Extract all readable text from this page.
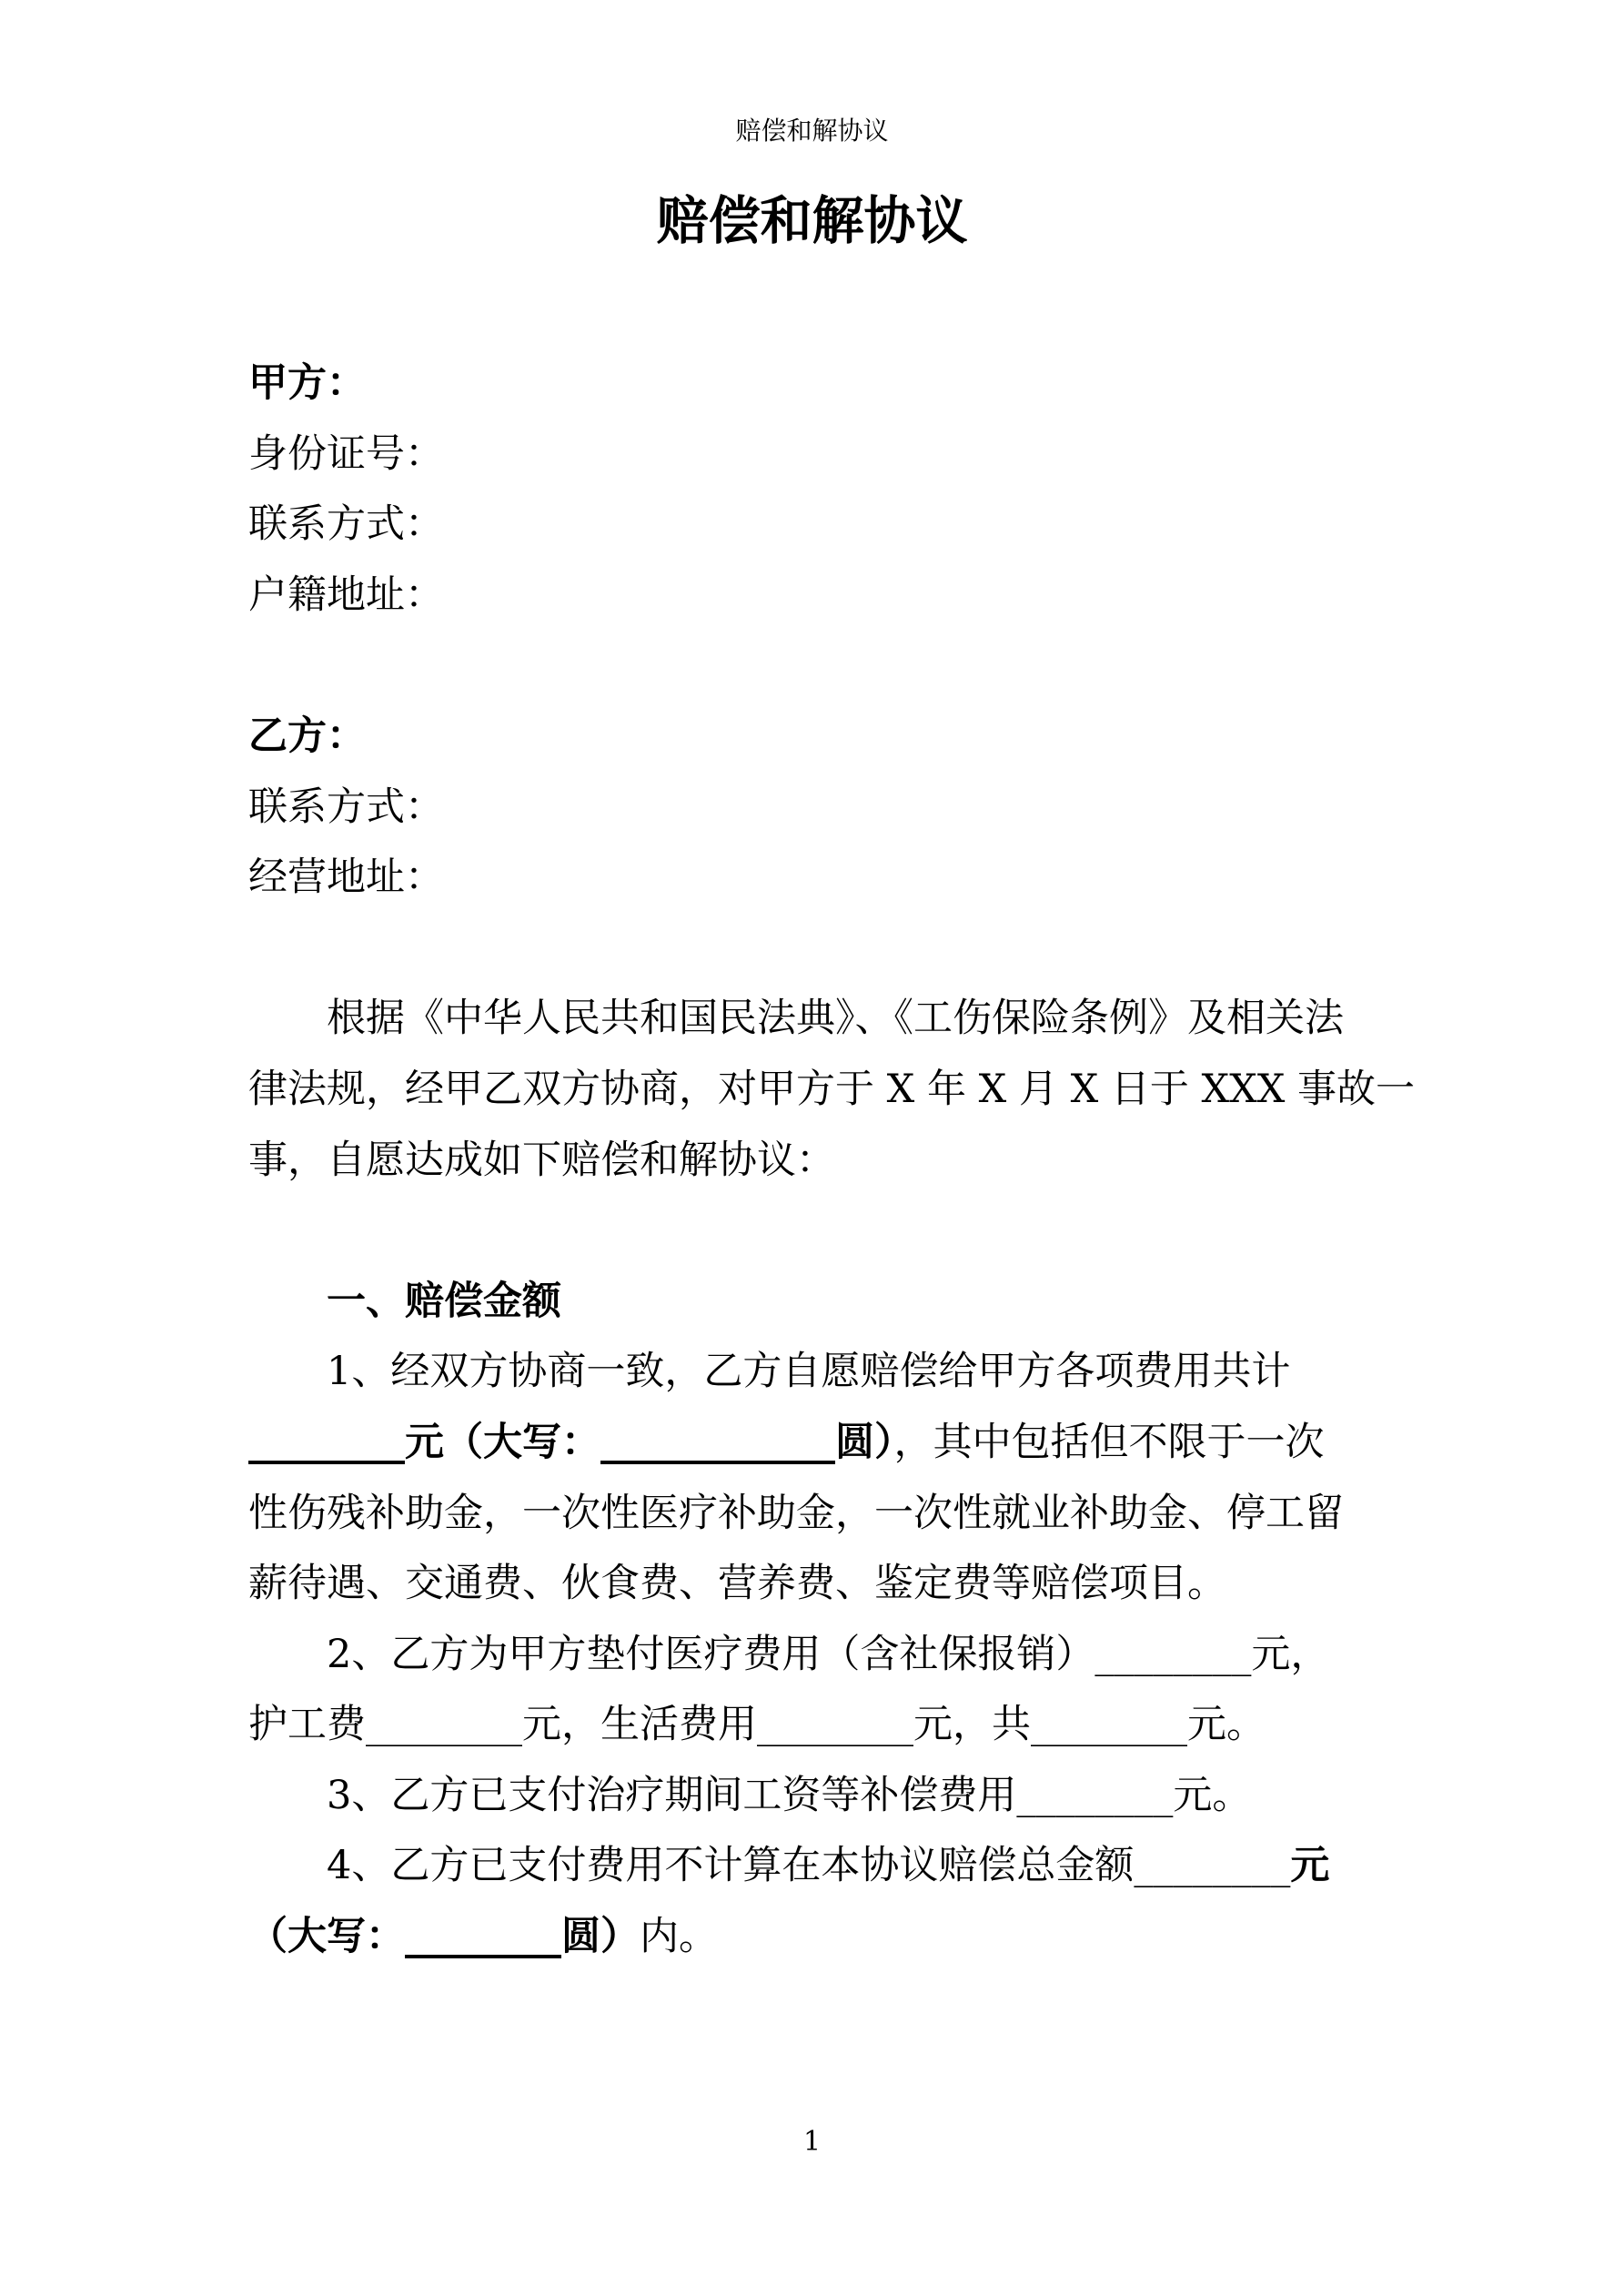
赔偿和解协议
赔偿和解协议
甲方：
身份证号：
联系方式：
户籍地址：
乙方：
联系方式：
经营地址：
根据《中华人民共和国民法典》、《工伤保险条例》及相关法
律法规，经甲乙双方协商，对甲方于 X 年 X 月 X 日于 XXX 事故一
事，自愿达成如下赔偿和解协议：
一、赔偿金额
1、经双方协商一致，乙方自愿赔偿给甲方各项费用共计
________元（大写：____________圆），其中包括但不限于一次
性伤残补助金，一次性医疗补助金，一次性就业补助金、停工留
薪待遇、交通费、伙食费、营养费、鉴定费等赔偿项目。
2、乙方为甲方垫付医疗费用（含社保报销）________元，
护工费________元，生活费用________元，共________元。
3、乙方已支付治疗期间工资等补偿费用________元。
4、乙方已支付费用不计算在本协议赔偿总金额________元
（大写：________圆）内。
1
